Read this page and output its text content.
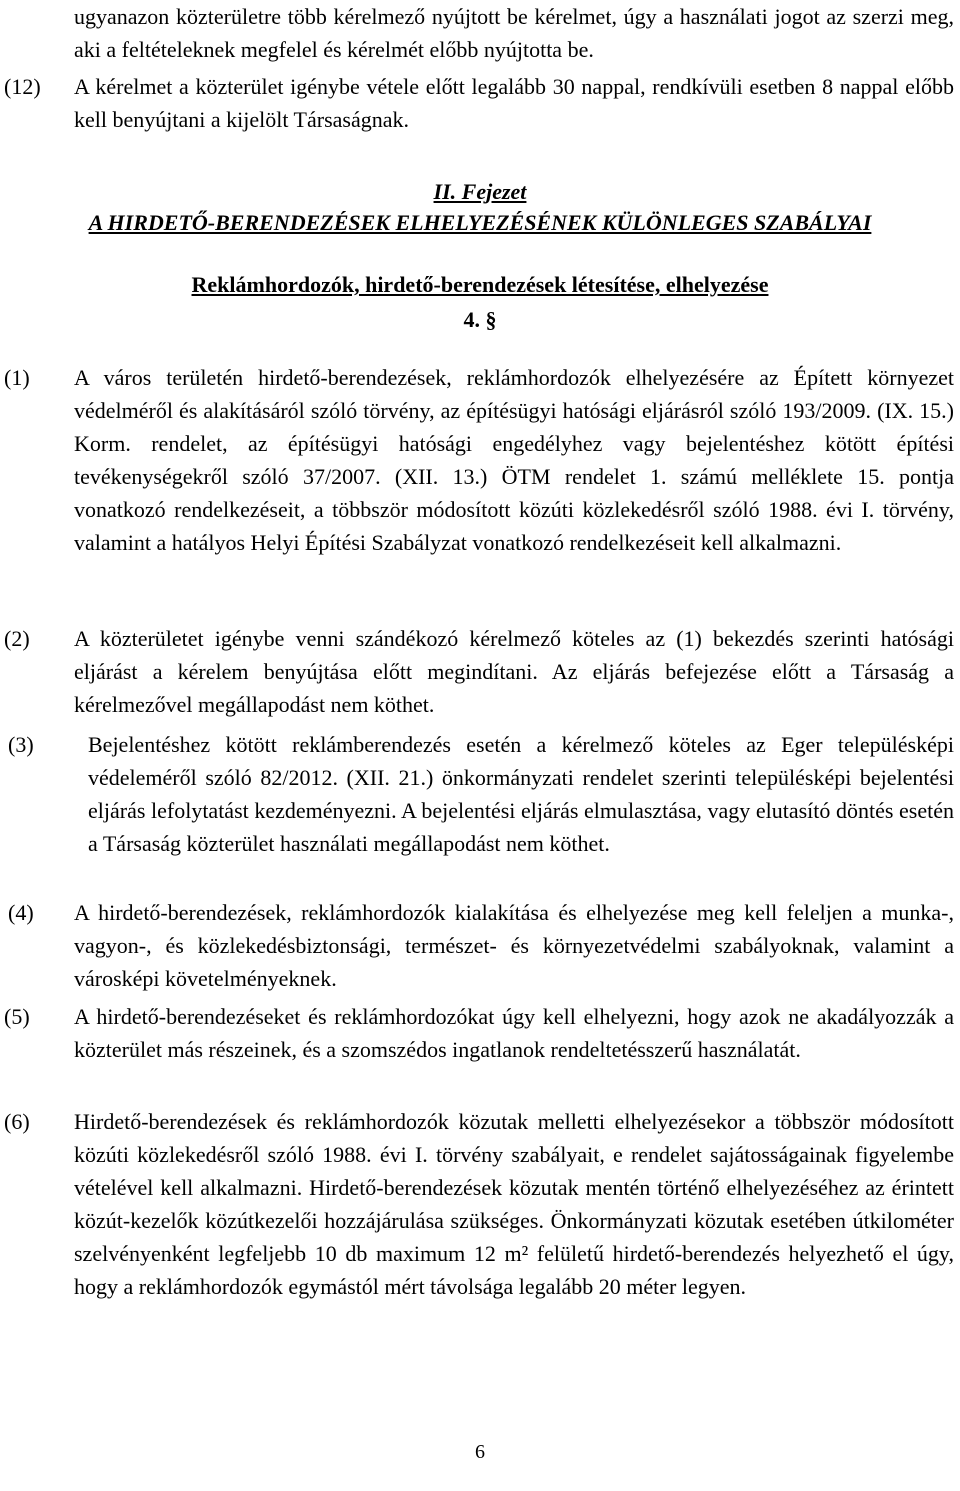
ugyanazon közterületre több kérelmező nyújtott be kérelmet, úgy a használati jogot az szerzi meg, aki a feltételeknek megfelel és kérelmét előbb nyújtotta be.
(12) A kérelmet a közterület igénybe vétele előtt legalább 30 nappal, rendkívüli esetben 8 nappal előbb kell benyújtani a kijelölt Társaságnak.
II. Fejezet
A HIRDETŐ-BERENDEZÉSEK ELHELYEZÉSÉNEK KÜLÖNLEGES SZABÁLYAI
Reklámhordozók, hirdető-berendezések létesítése, elhelyezése
4. §
(1) A város területén hirdető-berendezések, reklámhordozók elhelyezésére az Épített környezet védelméről és alakításáról szóló törvény, az építésügyi hatósági eljárásról szóló 193/2009. (IX. 15.) Korm. rendelet, az építésügyi hatósági engedélyhez vagy bejelentéshez kötött építési tevékenységekről szóló 37/2007. (XII. 13.) ÖTM rendelet 1. számú melléklete 15. pontja vonatkozó rendelkezéseit, a többször módosított közúti közlekedésről szóló 1988. évi I. törvény, valamint a hatályos Helyi Építési Szabályzat vonatkozó rendelkezéseit kell alkalmazni.
(2) A közterületet igénybe venni szándékozó kérelmező köteles az (1) bekezdés szerinti hatósági eljárást a kérelem benyújtása előtt megindítani. Az eljárás befejezése előtt a Társaság a kérelmezővel megállapodást nem köthet.
(3) Bejelentéshez kötött reklámberendezés esetén a kérelmező köteles az Eger településképi védeleméről szóló 82/2012. (XII. 21.) önkormányzati rendelet szerinti településképi bejelentési eljárás lefolytatást kezdeményezni. A bejelentési eljárás elmulasztása, vagy elutasító döntés esetén a Társaság közterület használati megállapodást nem köthet.
(4) A hirdető-berendezések, reklámhordozók kialakítása és elhelyezése meg kell feleljen a munka-, vagyon-, és közlekedésbiztonsági, természet- és környezetvédelmi szabályoknak, valamint a városképi követelményeknek.
(5) A hirdető-berendezéseket és reklámhordozókat úgy kell elhelyezni, hogy azok ne akadályozzák a közterület más részeinek, és a szomszédos ingatlanok rendeltetésszerű használatát.
(6) Hirdető-berendezések és reklámhordozók közutak melletti elhelyezésekor a többször módosított közúti közlekedésről szóló 1988. évi I. törvény szabályait, e rendelet sajátosságainak figyelembe vételével kell alkalmazni. Hirdető-berendezések közutak mentén történő elhelyezéséhez az érintett közút-kezelők közútkezelői hozzájárulása szükséges. Önkormányzati közutak esetében útkilométer szelvényenként legfeljebb 10 db maximum 12 m² felületű hirdető-berendezés helyezhető el úgy, hogy a reklámhordozók egymástól mért távolsága legalább 20 méter legyen.
6
